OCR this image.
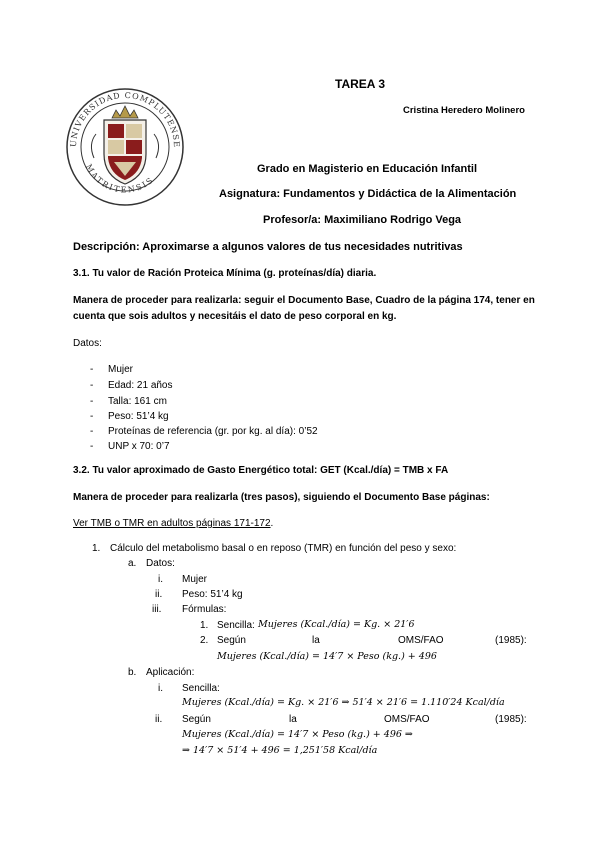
UNIVERSIDAD COMPLUTENSE
MATRITENSIS
TAREA 3
Cristina Heredero Molinero
Grado en Magisterio en Educación Infantil
Asignatura: Fundamentos y Didáctica de la Alimentación
Profesor/a: Maximiliano Rodrigo Vega
Descripción: Aproximarse a algunos valores de tus necesidades nutritivas
3.1. Tu valor de Ración Proteica Mínima (g. proteínas/día) diaria.
Manera de proceder para realizarla: seguir el Documento Base, Cuadro de la página 174, tener en
cuenta que sois adultos y necesitáis el dato de peso corporal en kg.
Datos:
- Mujer
- Edad: 21 años
- Talla: 161 cm
- Peso: 51’4 kg
- Proteínas de referencia (gr. por kg. al día): 0’52
- UNP x 70: 0’7
3.2. Tu valor aproximado de Gasto Energético total: GET (Kcal./día) = TMB x FA
Manera de proceder para realizarla (tres pasos), siguiendo el Documento Base páginas:
Ver TMB o TMR en adultos páginas 171-172.
1. Cálculo del metabolismo basal o en reposo (TMR) en función del peso y sexo:
a. Datos:
i. Mujer
ii. Peso: 51’4 kg
iii. Fórmulas:
1. Sencilla: Mujeres (Kcal./día) = Kg. × 21′6
2. Según	la	OMS/FAO	(1985):
Mujeres (Kcal./día) = 14′7 × Peso (kg.) + 496
b. Aplicación:
i. Sencilla:
Mujeres (Kcal./día) = Kg. × 21′6 ⇒ 51′4 × 21′6 = 1.110′24 Kcal/día
ii. Según	la	OMS/FAO	(1985):
Mujeres (Kcal./día) = 14′7 × Peso (kg.) + 496 ⇒
⇒ 14′7 × 51′4 + 496 = 1,251′58 Kcal/día
